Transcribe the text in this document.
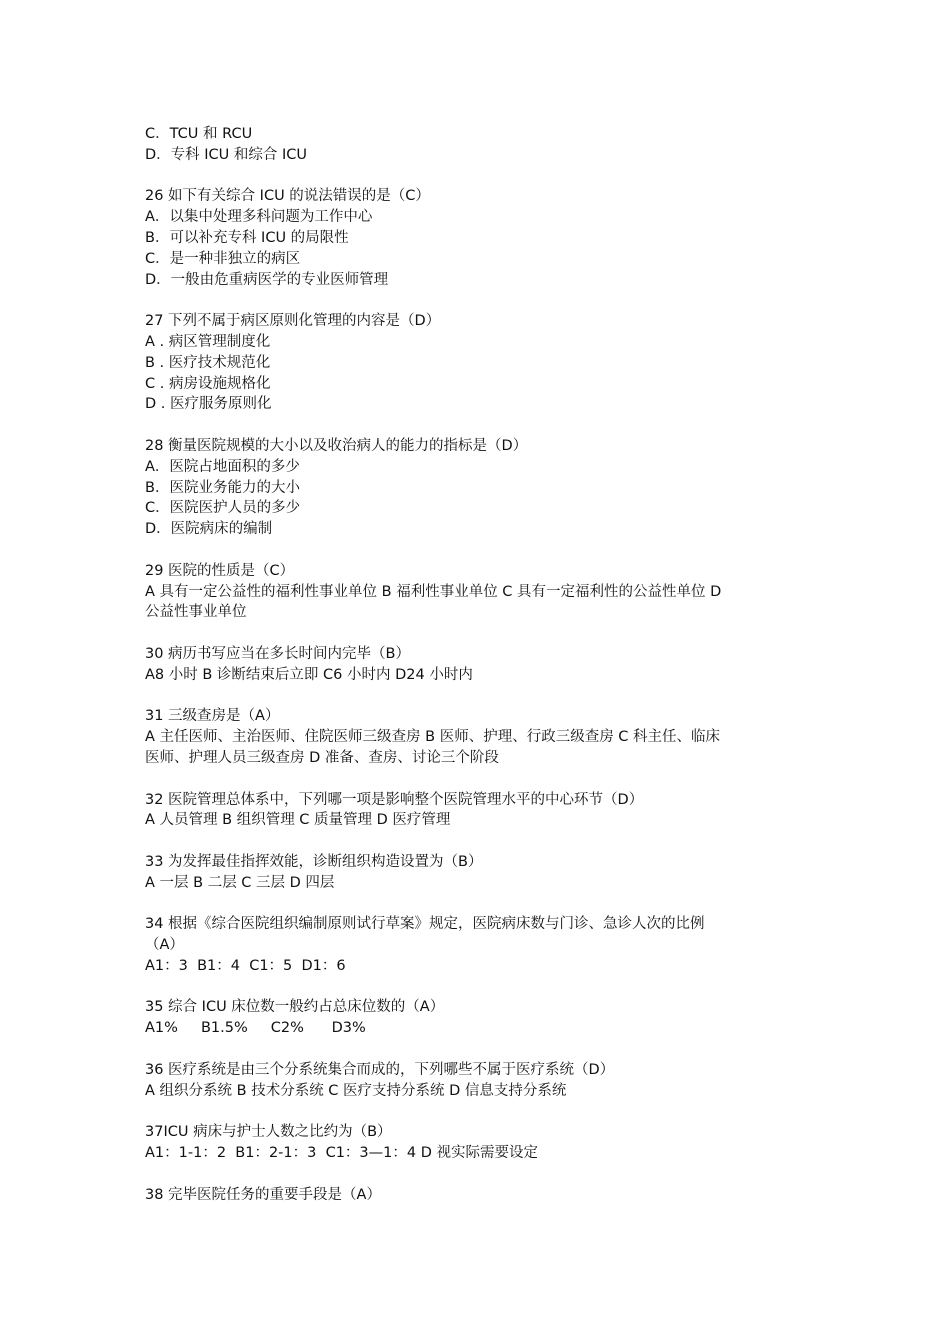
C．TCU 和 RCU
D．专科 ICU 和综合 ICU
26 如下有关综合 ICU 的说法错误的是（C）
A．以集中处理多科问题为工作中心
B．可以补充专科 ICU 的局限性
C．是一种非独立的病区
D．一般由危重病医学的专业医师管理
27 下列不属于病区原则化管理的内容是（D）
A . 病区管理制度化
B . 医疗技术规范化
C . 病房设施规格化
D . 医疗服务原则化
28 衡量医院规模的大小以及收治病人的能力的指标是（D）
A．医院占地面积的多少
B．医院业务能力的大小
C．医院医护人员的多少
D．医院病床的编制
29 医院的性质是（C）
A 具有一定公益性的福利性事业单位 B 福利性事业单位 C 具有一定福利性的公益性单位 D
公益性事业单位
30 病历书写应当在多长时间内完毕（B）
A8 小时 B 诊断结束后立即 C6 小时内 D24 小时内
31 三级查房是（A）
A 主任医师、主治医师、住院医师三级查房 B 医师、护理、行政三级查房 C 科主任、临床
医师、护理人员三级查房 D 准备、查房、讨论三个阶段
32 医院管理总体系中，下列哪一项是影响整个医院管理水平的中心环节（D）
A 人员管理 B 组织管理 C 质量管理 D 医疗管理
33 为发挥最佳指挥效能，诊断组织构造设置为（B）
A 一层 B 二层 C 三层 D 四层
34 根据《综合医院组织编制原则试行草案》规定，医院病床数与门诊、急诊人次的比例
（A）
A1：3  B1：4  C1：5  D1：6
35 综合 ICU 床位数一般约占总床位数的（A）
A1%     B1.5%     C2%      D3%
36 医疗系统是由三个分系统集合而成的，下列哪些不属于医疗系统（D）
A 组织分系统 B 技术分系统 C 医疗支持分系统 D 信息支持分系统
37ICU 病床与护士人数之比约为（B）
A1：1-1：2  B1：2-1：3  C1：3—1：4 D 视实际需要设定
38 完毕医院任务的重要手段是（A）
